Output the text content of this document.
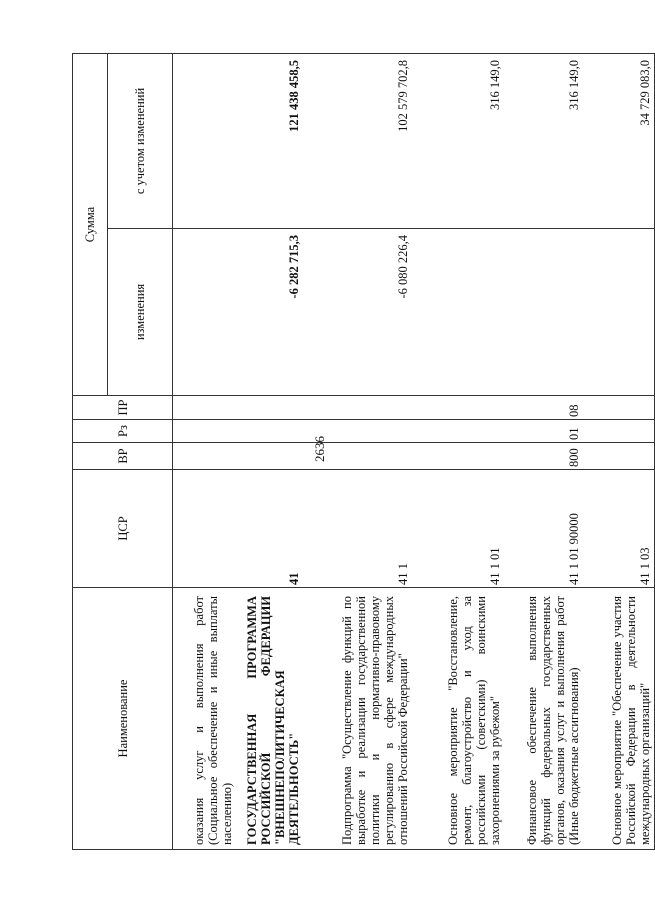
2636
Наименование	ЦСР	ВР	Рз	ПР	Сумма	
					изменения	с учетом изменений
оказания услуг и выполнения работ (Социальное обеспечение и иные выплаты населению)						
ГОСУДАРСТВЕННАЯ ПРОГРАММА РОССИЙСКОЙ ФЕДЕРАЦИИ "ВНЕШНЕПОЛИТИЧЕСКАЯ ДЕЯТЕЛЬНОСТЬ"	41				-6 282 715,3	121 438 458,5
Подпрограмма "Осуществление функций по выработке и реализации государственной политики и нормативно-правовому регулированию в сфере международных отношений Российской Федерации"	41 1				-6 080 226,4	102 579 702,8
Основное мероприятие "Восстановление, ремонт, благоустройство и уход за российскими (советскими) воинскими захоронениями за рубежом"	41 1 01					316 149,0
Финансовое обеспечение выполнения функций федеральных государственных органов, оказания услуг и выполнения работ (Иные бюджетные ассигнования)	41 1 01 90000	800	01	08		316 149,0
Основное мероприятие "Обеспечение участия Российской Федерации в деятельности международных организаций"	41 1 03					34 729 083,0
